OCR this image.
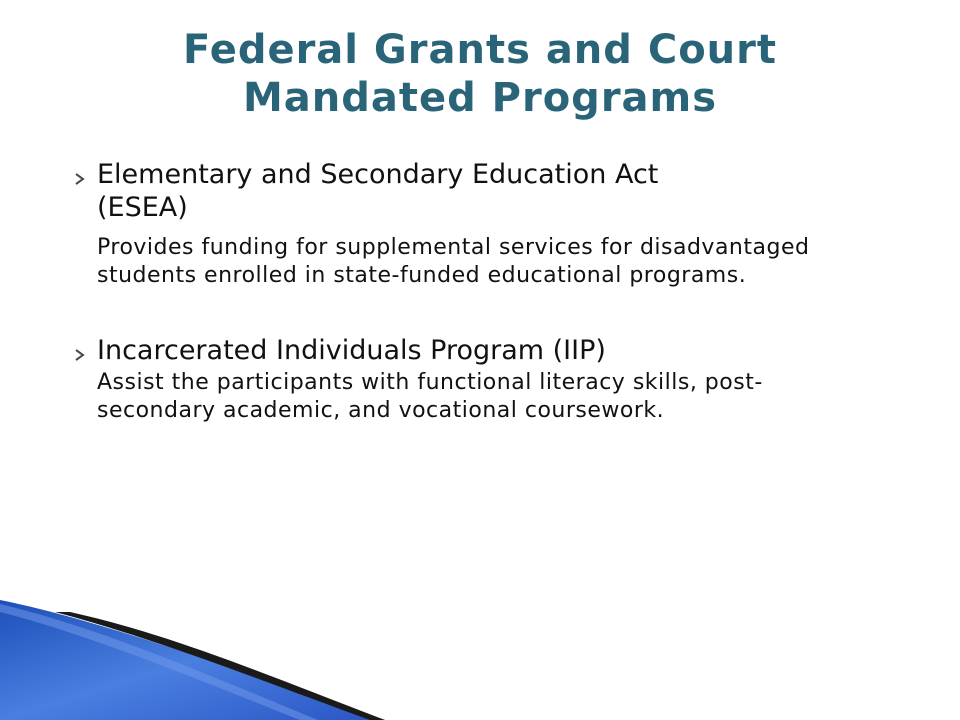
Federal Grants and Court
Mandated Programs
Elementary and Secondary Education Act
(ESEA)
Provides funding for supplemental services for disadvantaged students enrolled in state-funded educational programs.
Incarcerated Individuals Program (IIP)
Assist the participants with functional literacy skills, post-secondary academic, and vocational coursework.
